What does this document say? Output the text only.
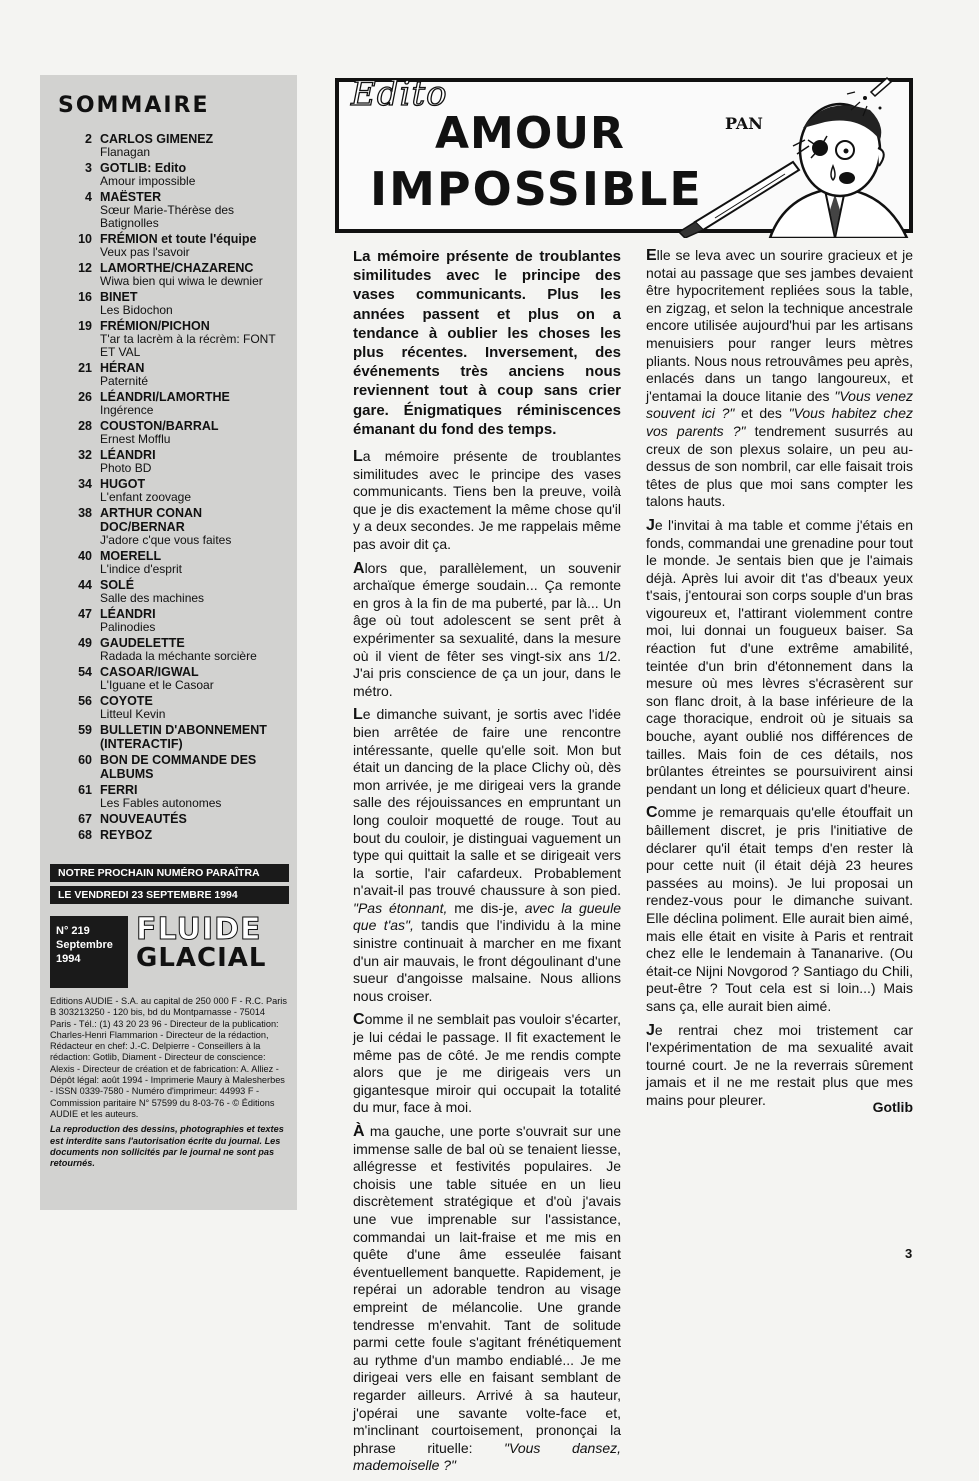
SOMMAIRE
2 CARLOS GIMENEZ
Flanagan
3 GOTLIB: Edito
Amour impossible
4 MAËSTER
Sœur Marie-Thérèse des Batignolles
10 FRÉMION et toute l'équipe
Veux pas l'savoir
12 LAMORTHE/CHAZARENC
Wiwa bien qui wiwa le dewnier
16 BINET
Les Bidochon
19 FRÉMION/PICHON
T'ar ta lacrèm à la récrèm: FONT ET VAL
21 HÉRAN
Paternité
26 LÉANDRI/LAMORTHE
Ingérence
28 COUSTON/BARRAL
Ernest Mofflu
32 LÉANDRI
Photo BD
34 HUGOT
L'enfant zoovage
38 ARTHUR CONAN DOC/BERNAR
J'adore c'que vous faites
40 MOERELL
L'indice d'esprit
44 SOLÉ
Salle des machines
47 LÉANDRI
Palinodies
49 GAUDELETTE
Radada la méchante sorcière
54 CASOAR/IGWAL
L'Iguane et le Casoar
56 COYOTE
Litteul Kevin
59 BULLETIN D'ABONNEMENT (INTERACTIF)
60 BON DE COMMANDE DES ALBUMS
61 FERRI
Les Fables autonomes
67 NOUVEAUTÉS
68 REYBOZ
NOTRE PROCHAIN NUMÉRO PARAÎTRA
LE VENDREDI 23 SEPTEMBRE 1994
N° 219
Septembre
1994
FLUIDE
GLACIAL
Editions AUDIE - S.A. au capital de 250 000 F - R.C. Paris B 303213250 - 120 bis, bd du Montparnasse - 75014 Paris - Tél.: (1) 43 20 23 96 - Directeur de la publication: Charles-Henri Flammarion - Directeur de la rédaction, Rédacteur en chef: J.-C. Delpierre - Conseillers à la rédaction: Gotlib, Diament - Directeur de conscience: Alexis - Directeur de création et de fabrication: A. Alliez - Dépôt légal: août 1994 - Imprimerie Maury à Malesherbes - ISSN 0339-7580 - Numéro d'imprimeur: 44993 F - Commission paritaire N° 57599 du 8-03-76 - © Éditions AUDIE et les auteurs.
La reproduction des dessins, photographies et textes est interdite sans l'autorisation écrite du journal. Les documents non sollicités par le journal ne sont pas retournés.
Edito
AMOUR
IMPOSSIBLE
PAN

La mémoire présente de troublantes similitudes avec le principe des vases communicants. Plus les années passent et plus on a tendance à oublier les choses les plus récentes. Inversement, des événements très anciens nous reviennent tout à coup sans crier gare. Énigmatiques réminiscences émanant du fond des temps.

La mémoire présente de troublantes similitudes avec le principe des vases communicants. Tiens ben la preuve, voilà que je dis exactement la même chose qu'il y a deux secondes. Je me rappelais même pas avoir dit ça.

Alors que, parallèlement, un souvenir archaïque émerge soudain... Ça remonte en gros à la fin de ma puberté, par là... Un âge où tout adolescent se sent prêt à expérimenter sa sexualité, dans la mesure où il vient de fêter ses vingt-six ans 1/2. J'ai pris conscience de ça un jour, dans le métro.

Le dimanche suivant, je sortis avec l'idée bien arrêtée de faire une rencontre intéressante, quelle qu'elle soit. Mon but était un dancing de la place Clichy où, dès mon arrivée, je me dirigeai vers la grande salle des réjouissances en empruntant un long couloir moquetté de rouge. Tout au bout du couloir, je distinguai vaguement un type qui quittait la salle et se dirigeait vers la sortie, l'air cafardeux. Probablement n'avait-il pas trouvé chaussure à son pied. "Pas étonnant, me dis-je, avec la gueule que t'as", tandis que l'individu à la mine sinistre continuait à marcher en me fixant d'un air mauvais, le front dégoulinant d'une sueur d'angoisse malsaine. Nous allions nous croiser.

Comme il ne semblait pas vouloir s'écarter, je lui cédai le passage. Il fit exactement le même pas de côté. Je me rendis compte alors que je me dirigeais vers un gigantesque miroir qui occupait la totalité du mur, face à moi.

À ma gauche, une porte s'ouvrait sur une immense salle de bal où se tenaient liesse, allégresse et festivités populaires. Je choisis une table située en un lieu discrètement stratégique et d'où j'avais une vue imprenable sur l'assistance, commandai un lait-fraise et me mis en quête d'une âme esseulée faisant éventuellement banquette. Rapidement, je repérai un adorable tendron au visage empreint de mélancolie. Une grande tendresse m'envahit. Tant de solitude parmi cette foule s'agitant frénétiquement au rythme d'un mambo endiablé... Je me dirigeai vers elle en faisant semblant de regarder ailleurs. Arrivé à sa hauteur, j'opérai une savante volte-face et, m'inclinant courtoisement, prononçai la phrase rituelle: "Vous dansez, mademoiselle ?"

Elle se leva avec un sourire gracieux et je notai au passage que ses jambes devaient être hypocritement repliées sous la table, en zigzag, et selon la technique ancestrale encore utilisée aujourd'hui par les artisans menuisiers pour ranger leurs mètres pliants. Nous nous retrouvâmes peu après, enlacés dans un tango langoureux, et j'entamai la douce litanie des "Vous venez souvent ici ?" et des "Vous habitez chez vos parents ?" tendrement susurrés au creux de son plexus solaire, un peu au-dessus de son nombril, car elle faisait trois têtes de plus que moi sans compter les talons hauts.

Je l'invitai à ma table et comme j'étais en fonds, commandai une grenadine pour tout le monde. Je sentais bien que je l'aimais déjà. Après lui avoir dit t'as d'beaux yeux t'sais, j'entourai son corps souple d'un bras vigoureux et, l'attirant violemment contre moi, lui donnai un fougueux baiser. Sa réaction fut d'une extrême amabilité, teintée d'un brin d'étonnement dans la mesure où mes lèvres s'écrasèrent sur son flanc droit, à la base inférieure de la cage thoracique, endroit où je situais sa bouche, ayant oublié nos différences de tailles. Mais foin de ces détails, nos brûlantes étreintes se poursuivirent ainsi pendant un long et délicieux quart d'heure.

Comme je remarquais qu'elle étouffait un bâillement discret, je pris l'initiative de déclarer qu'il était temps d'en rester là pour cette nuit (il était déjà 23 heures passées au moins). Je lui proposai un rendez-vous pour le dimanche suivant. Elle déclina poliment. Elle aurait bien aimé, mais elle était en visite à Paris et rentrait chez elle le lendemain à Tananarive. (Ou était-ce Nijni Novgorod ? Santiago du Chili, peut-être ? Tout cela est si loin...) Mais sans ça, elle aurait bien aimé.

Je rentrai chez moi tristement car l'expérimentation de ma sexualité avait tourné court. Je ne la reverrais sûrement jamais et il ne me restait plus que mes mains pour pleurer.	Gotlib
3
